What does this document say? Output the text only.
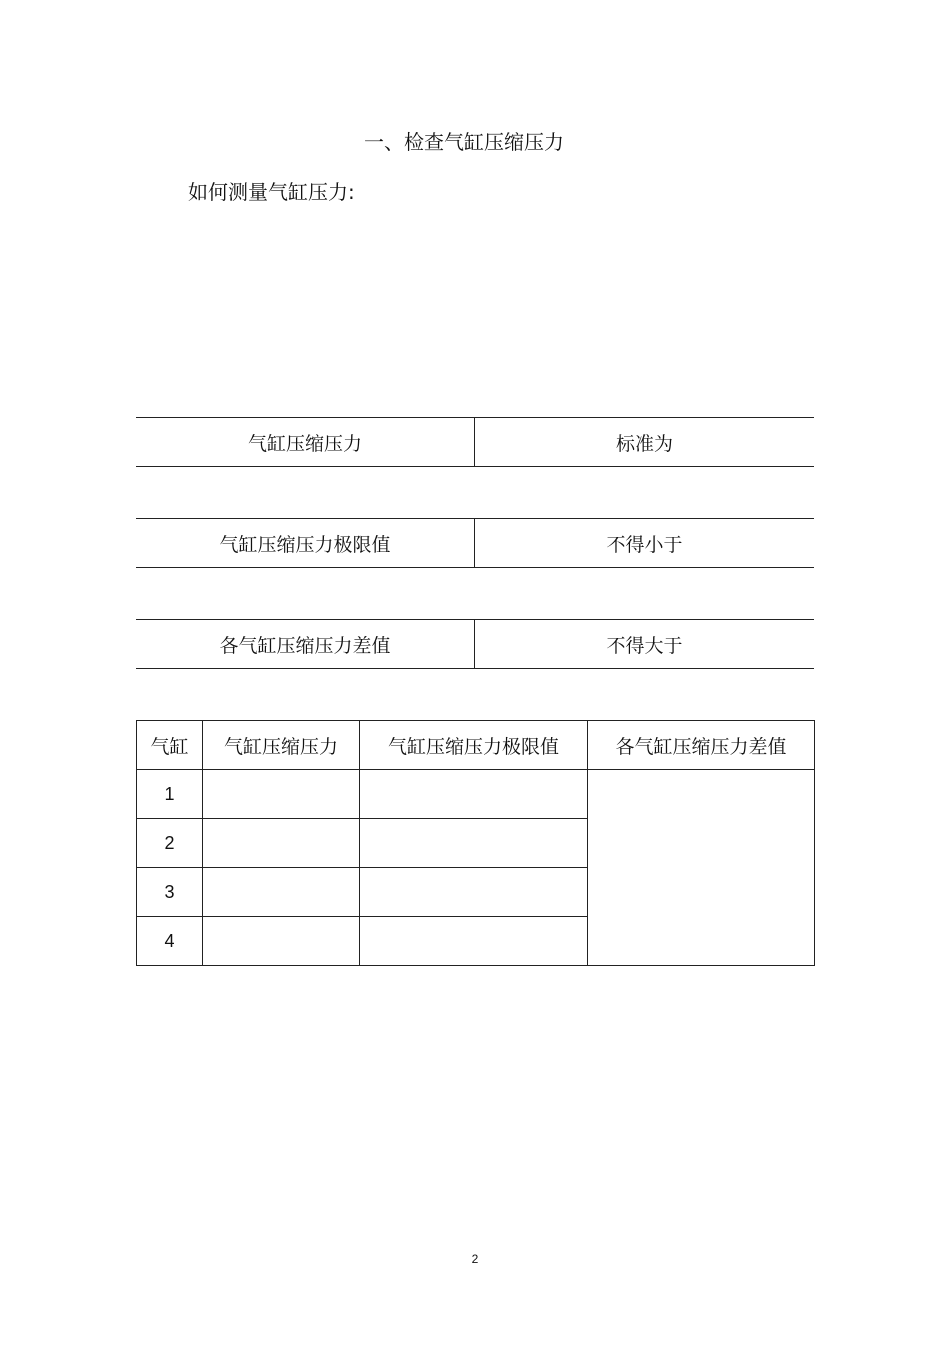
一、检查气缸压缩压力
如何测量气缸压力:
气缸压缩压力	标准为
气缸压缩压力极限值	不得小于
各气缸压缩压力差值	不得大于
气缸	气缸压缩压力	气缸压缩压力极限值	各气缸压缩压力差值
1			
2			
3			
4			
2
